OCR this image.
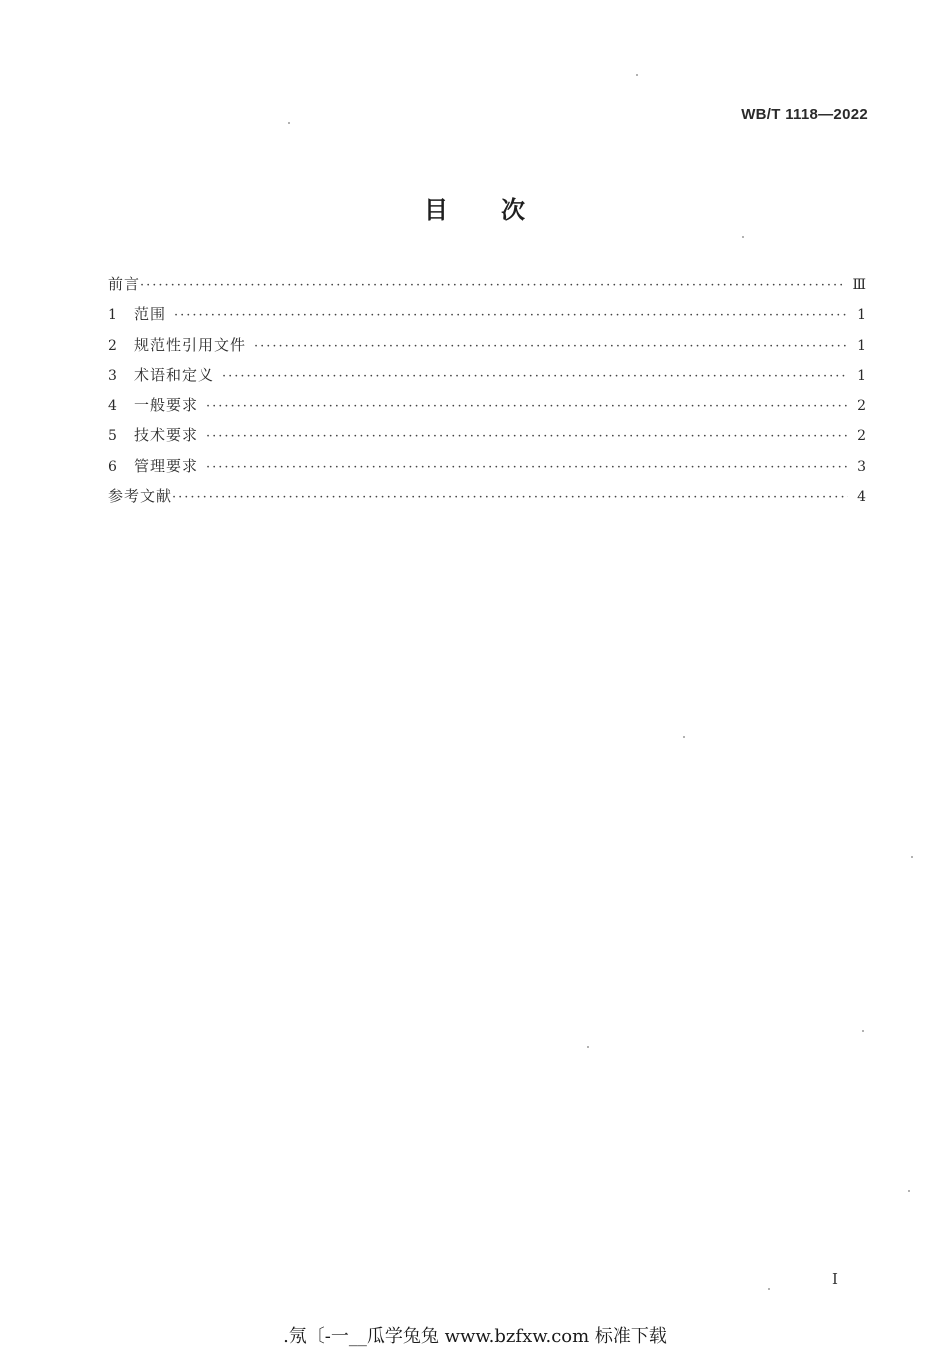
WB/T 1118—2022
目 次
前言 ·····	Ⅲ
1	范围 ·····	1
2	规范性引用文件 ·····	1
3	术语和定义 ·····	1
4	一般要求 ·····	2
5	技术要求 ·····	2
6	管理要求 ·····	3
参考文献 ·····	4
I
.氖〔-一__瓜学兔兔 www.bzfxw.com 标准下载
